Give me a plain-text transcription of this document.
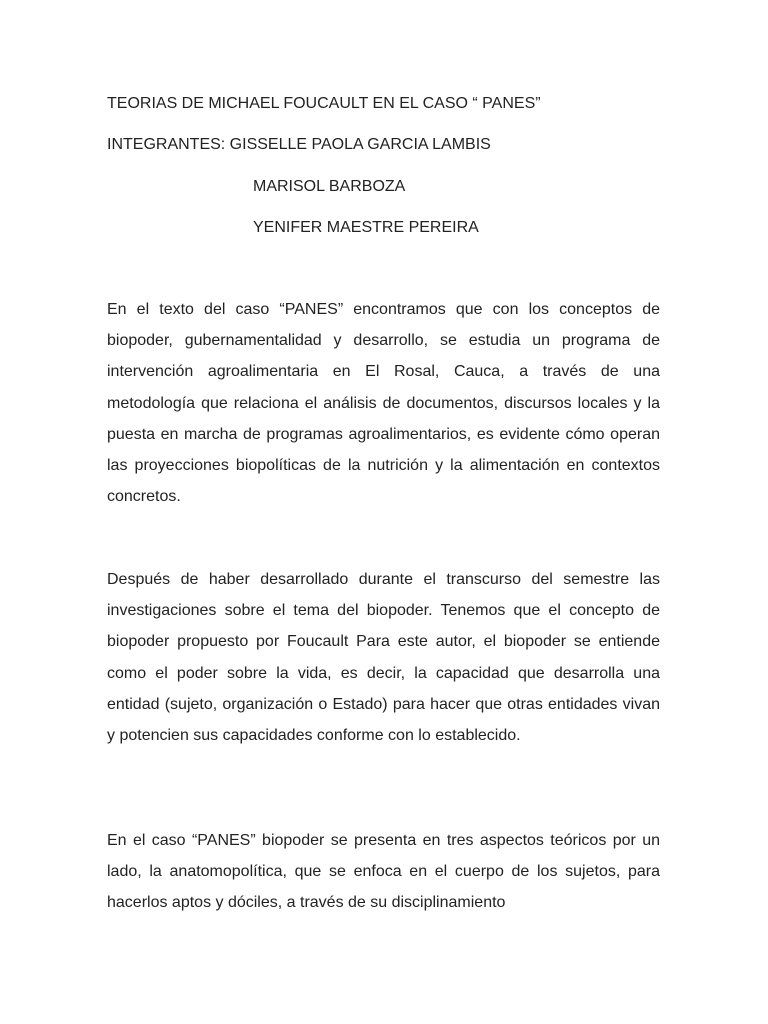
TEORIAS DE MICHAEL FOUCAULT EN EL CASO “ PANES”
INTEGRANTES: GISSELLE PAOLA GARCIA LAMBIS
MARISOL BARBOZA
YENIFER MAESTRE PEREIRA
En el texto del caso “PANES” encontramos que con los conceptos de biopoder, gubernamentalidad y desarrollo, se estudia un programa de intervención agroalimentaria en El Rosal, Cauca, a través de una metodología que relaciona el análisis de documentos, discursos locales y la puesta en marcha de programas agroalimentarios, es evidente cómo operan las proyecciones biopolíticas de la nutrición y la alimentación en contextos concretos.
Después de haber desarrollado durante el transcurso del semestre las investigaciones sobre el tema del biopoder. Tenemos que el concepto de biopoder propuesto por Foucault Para este autor, el biopoder se entiende como el poder sobre la vida, es decir, la capacidad que desarrolla una entidad (sujeto, organización o Estado) para hacer que otras entidades vivan y potencien sus capacidades conforme con lo establecido.
En el caso “PANES” biopoder se presenta en tres aspectos teóricos por un lado, la anatomopolítica, que se enfoca en el cuerpo de los sujetos, para hacerlos aptos y dóciles, a través de su disciplinamiento
